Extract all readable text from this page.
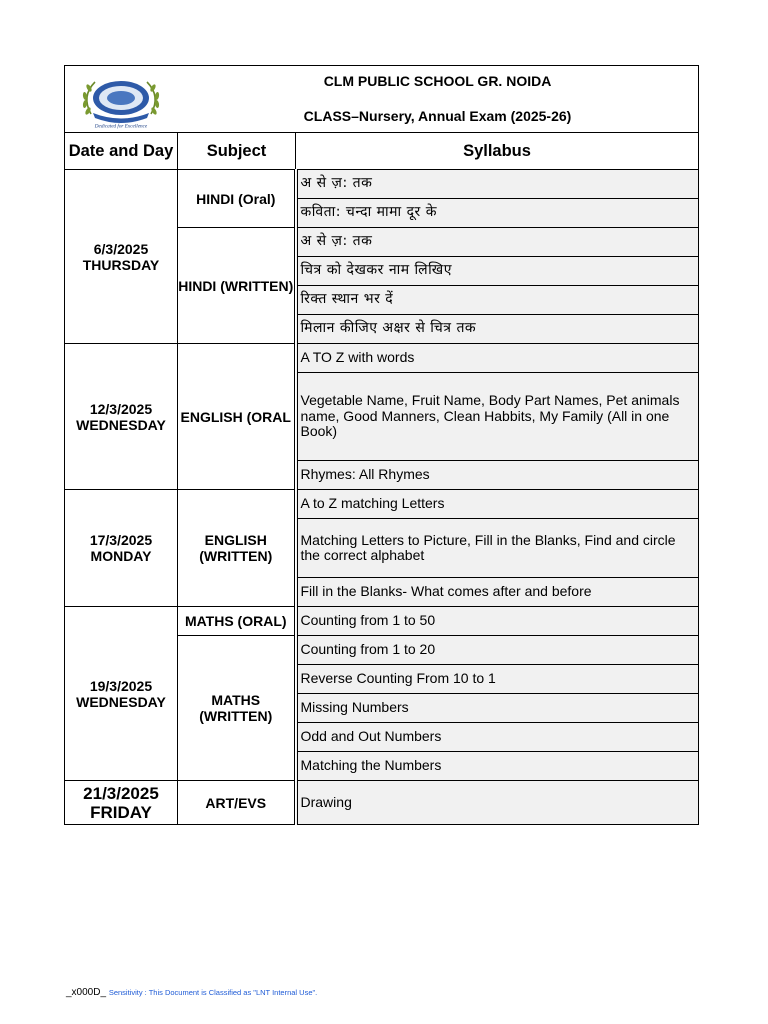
Dedicated for Excellence
CLM PUBLIC SCHOOL GR. NOIDA
CLASS–Nursery, Annual Exam (2025-26)		

Date and Day	Subject	Syllabus
6/3/2025
THURSDAY	HINDI (Oral)	अ से ज़: तक
		कविता: चन्दा मामा दूर के
	HINDI (WRITTEN)	अ से ज़: तक
		चित्र को देखकर नाम लिखिए
		रिक्त स्थान भर दें
		मिलान कीजिए अक्षर से चित्र तक
12/3/2025
WEDNESDAY	ENGLISH (ORAL	A TO Z with words
		Vegetable Name, Fruit Name, Body Part Names, Pet animals name, Good Manners, Clean Habbits, My Family (All in one Book)
		Rhymes: All Rhymes
17/3/2025
MONDAY	ENGLISH (WRITTEN)	A to Z matching Letters
		Matching Letters to Picture, Fill in the Blanks, Find and circle the correct alphabet
		Fill in the Blanks- What comes after and before
19/3/2025
WEDNESDAY	MATHS (ORAL)	Counting from 1 to 50
	MATHS (WRITTEN)	Counting from 1 to 20
		Reverse Counting From 10 to 1
		Missing Numbers
		Odd and Out Numbers
		Matching the Numbers
21/3/2025
FRIDAY	ART/EVS	Drawing
_x000D_ Sensitivity : This Document is Classified as "LNT Internal Use".
